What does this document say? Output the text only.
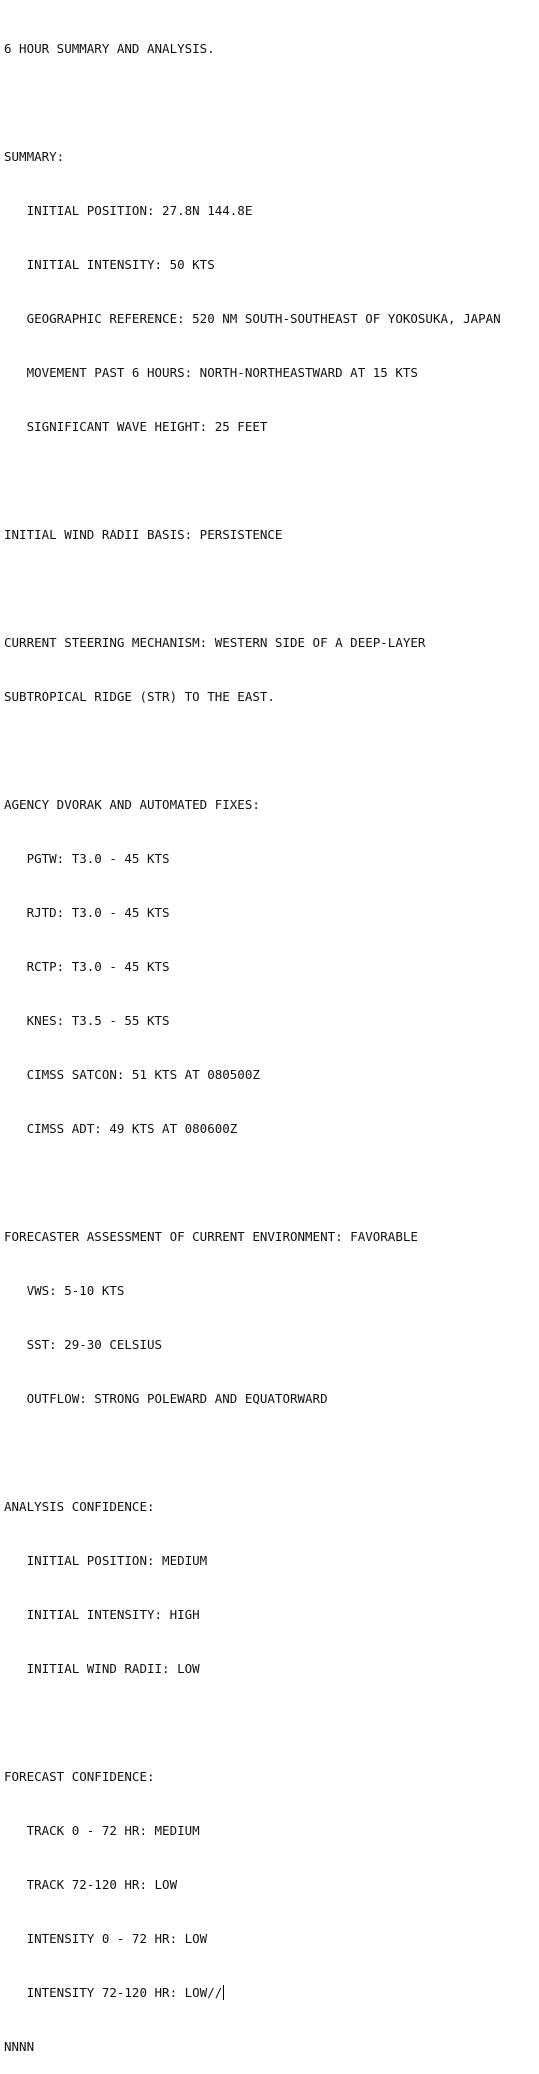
6 HOUR SUMMARY AND ANALYSIS.

SUMMARY:

INITIAL POSITION: 27.8N 144.8E

INITIAL INTENSITY: 50 KTS

GEOGRAPHIC REFERENCE: 520 NM SOUTH-SOUTHEAST OF YOKOSUKA, JAPAN

MOVEMENT PAST 6 HOURS: NORTH-NORTHEASTWARD AT 15 KTS

SIGNIFICANT WAVE HEIGHT: 25 FEET

INITIAL WIND RADII BASIS: PERSISTENCE

CURRENT STEERING MECHANISM: WESTERN SIDE OF A DEEP-LAYER

SUBTROPICAL RIDGE (STR) TO THE EAST.

AGENCY DVORAK AND AUTOMATED FIXES:

PGTW: T3.0 - 45 KTS

RJTD: T3.0 - 45 KTS

RCTP: T3.0 - 45 KTS

KNES: T3.5 - 55 KTS

CIMSS SATCON: 51 KTS AT 080500Z

CIMSS ADT: 49 KTS AT 080600Z

FORECASTER ASSESSMENT OF CURRENT ENVIRONMENT: FAVORABLE

VWS: 5-10 KTS

SST: 29-30 CELSIUS

OUTFLOW: STRONG POLEWARD AND EQUATORWARD

ANALYSIS CONFIDENCE:

INITIAL POSITION: MEDIUM

INITIAL INTENSITY: HIGH

INITIAL WIND RADII: LOW

FORECAST CONFIDENCE:

TRACK 0 - 72 HR: MEDIUM

TRACK 72-120 HR: LOW

INTENSITY 0 - 72 HR: LOW

INTENSITY 72-120 HR: LOW//

NNNN
